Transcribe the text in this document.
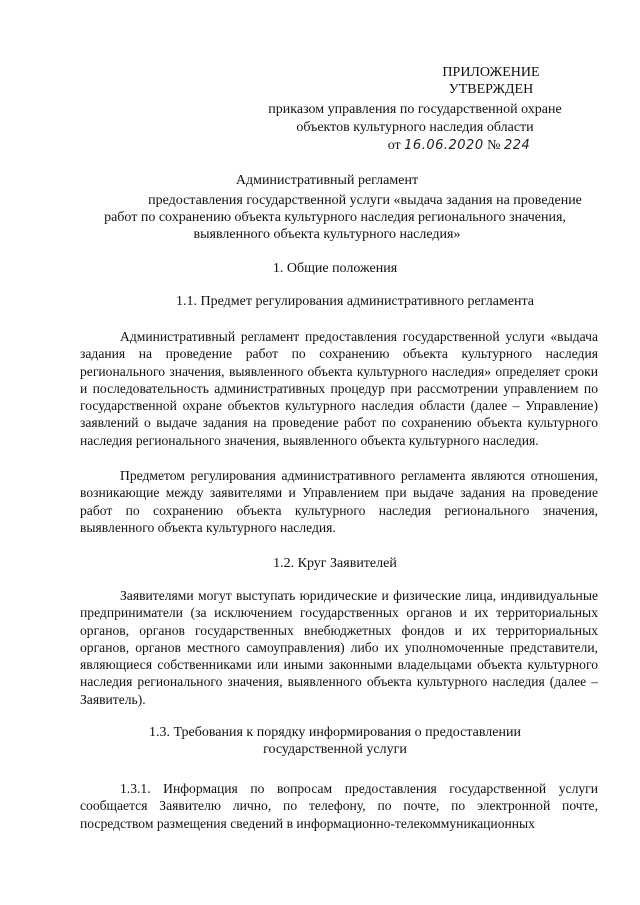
ПРИЛОЖЕНИЕ
УТВЕРЖДЕН
приказом управления по государственной охране
объектов культурного наследия области
от 16.06.2020 № 224
Административный регламент
предоставления государственной услуги «выдача задания на проведение
работ по сохранению объекта культурного наследия регионального значения,
выявленного объекта культурного наследия»
1. Общие положения
1.1. Предмет регулирования административного регламента

Административный регламент предоставления государственной услуги «выдача задания на проведение работ по сохранению объекта культурного наследия регионального значения, выявленного объекта культурного наследия» определяет сроки и последовательность административных процедур при рассмотрении управлением по государственной охране объектов культурного наследия области (далее – Управление) заявлений о выдаче задания на проведение работ по сохранению объекта культурного наследия регионального значения, выявленного объекта культурного наследия.

Предметом регулирования административного регламента являются отношения, возникающие между заявителями и Управлением при выдаче задания на проведение работ по сохранению объекта культурного наследия регионального значения, выявленного объекта культурного наследия.

1.2. Круг Заявителей

Заявителями могут выступать юридические и физические лица, индивидуальные предприниматели (за исключением государственных органов и их территориальных органов, органов государственных внебюджетных фондов и их территориальных органов, органов местного самоуправления) либо их уполномоченные представители, являющиеся собственниками или иными законными владельцами объекта культурного наследия регионального значения, выявленного объекта культурного наследия (далее – Заявитель).

1.3. Требования к порядку информирования о предоставлении
государственной услуги

1.3.1. Информация по вопросам предоставления государственной услуги сообщается Заявителю лично, по телефону, по почте, по электронной почте, посредством размещения сведений в информационно-телекоммуникационных
